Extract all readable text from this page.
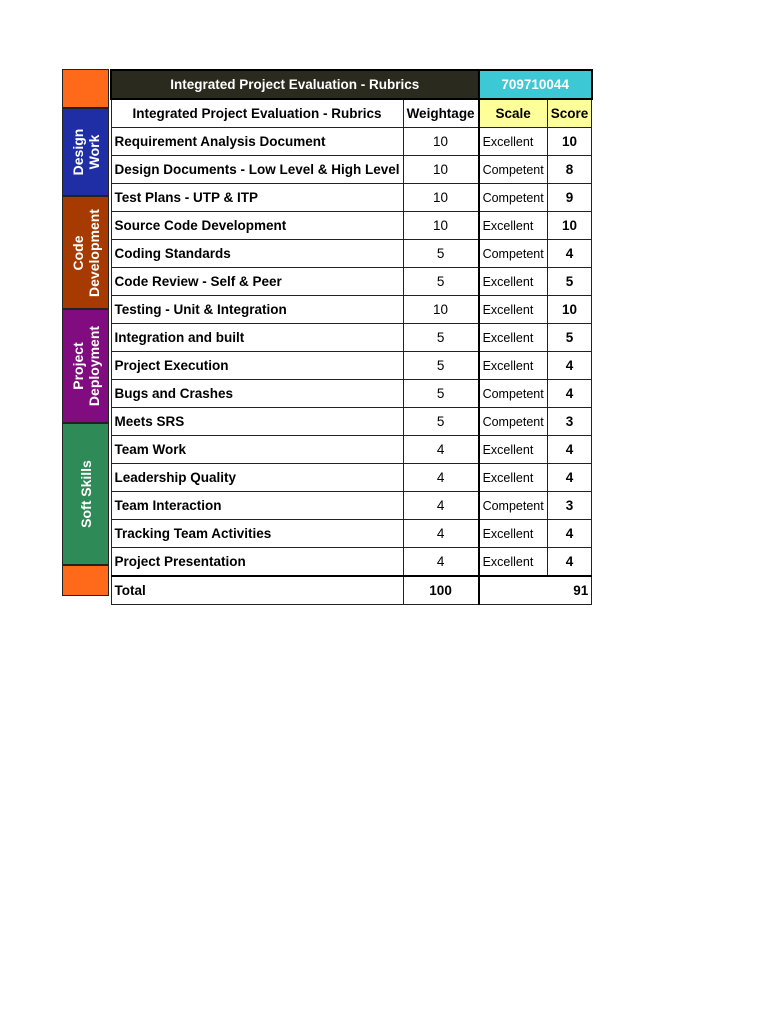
Design Work
Code Development
Project Deployment
Soft Skills
Integrated Project Evaluation - Rubrics		709710044	
Integrated Project Evaluation - Rubrics	Weightage	Scale	Score
Requirement Analysis Document	10	Excellent	10
Design Documents - Low Level & High Level	10	Competent	8
Test Plans - UTP & ITP	10	Competent	9
Source Code Development	10	Excellent	10
Coding Standards	5	Competent	4
Code Review - Self & Peer	5	Excellent	5
Testing - Unit & Integration	10	Excellent	10
Integration and built	5	Excellent	5
Project Execution	5	Excellent	4
Bugs and Crashes	5	Competent	4
Meets SRS	5	Competent	3
Team Work	4	Excellent	4
Leadership Quality	4	Excellent	4
Team Interaction	4	Competent	3
Tracking Team Activities	4	Excellent	4
Project Presentation	4	Excellent	4
Total	100	91	
